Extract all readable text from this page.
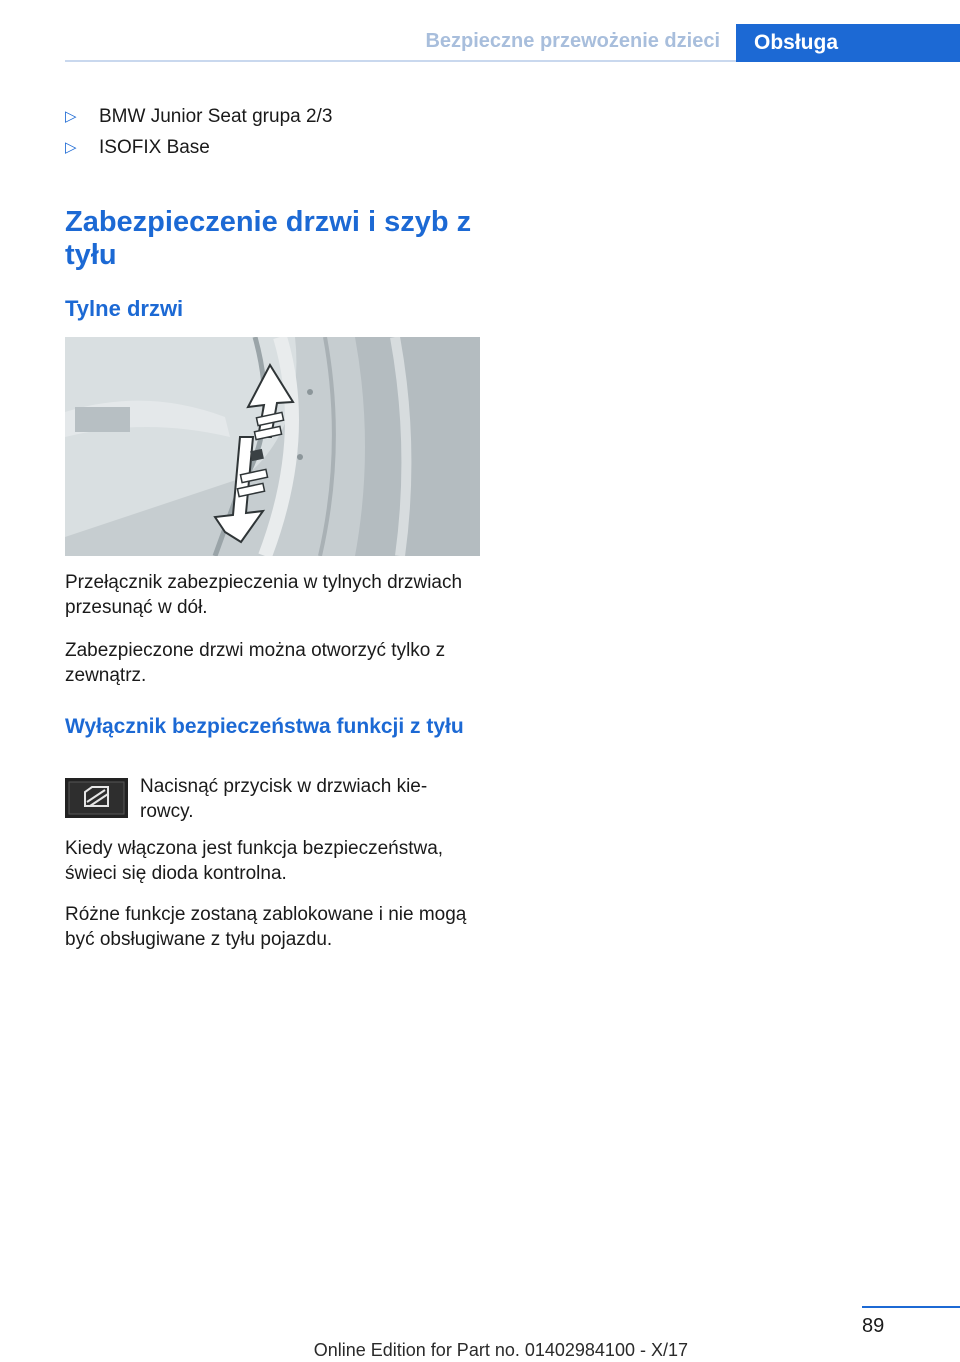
Bezpieczne przewożenie dzieci	Obsługa
▷	BMW Junior Seat grupa 2/3
▷	ISOFIX Base
Zabezpieczenie drzwi i szyb z tyłu
Tylne drzwi

Przełącznik zabezpieczenia w tylnych drzwiach przesunąć w dół.

Zabezpieczone drzwi można otworzyć tylko z zewnątrz.

Wyłącznik bezpieczeństwa funkcji z tyłu

Nacisnąć przycisk w drzwiach kie-rowcy.

Kiedy włączona jest funkcja bezpieczeństwa, świeci się dioda kontrolna.

Różne funkcje zostaną zablokowane i nie mogą być obsługiwane z tyłu pojazdu.

89
Online Edition for Part no. 01402984100 - X/17
